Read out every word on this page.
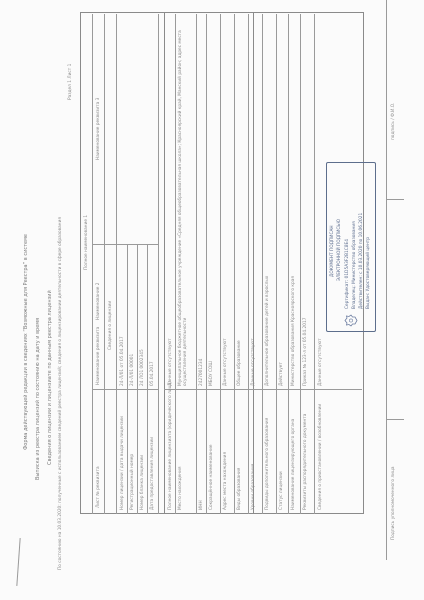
Форма действующей редакции в сведениях “Возможные для Реестра” в системе Выписка из реестра лицензий по состоянию на дату и время Сведения о лицензии и лицензиате по данным реестра лицензий По состоянию на 10.03.2020: полученные с использованием сведений реестра лицензий; сведения о лицензировании деятельности в сфере образования
Раздел 1 Лист 1
Полное наименование 1
Лист № реквизита
Наименование реквизита
Наименование 2
Наименование реквизита 3
Сведения о лицензии
Номер лицензии / дата выдачи лицензии
24-Л/01 от 05.04.2017
Регистрационный номер
24-Л/01 00001
Номер бланка лицензии
24 ЛО1 0002345
Дата предоставления лицензии
05.04.2017
Полное наименование лицензиата (юридического лица)
Данные отсутствуют
Место нахождения
Муниципальное бюджетное общеобразовательное учреждение «Средняя общеобразовательная школа»; Красноярский край, Манский район; адрес места осуществления деятельности
ИНН
2427001234
Сокращённое наименование
МБОУ СОШ
Адрес места нахождения
Данные отсутствуют
Виды образования
Общее образование
Уровни образования
Данные отсутствуют
Подвиды дополнительного образования
Дополнительное образование детей и взрослых
Статус лицензии
Действует
Наименование лицензирующего органа
Министерство образования Красноярского края
Реквизиты распорядительного документа
Приказ № 123-л от 05.04.2017
Сведения о приостановлении / возобновлении
Данные отсутствуют
ДОКУМЕНТ ПОДПИСАН ЭЛЕКТРОННОЙ ПОДПИСЬЮ Сертификат: 01D5A3F2B1C8E4 Владелец: Министерство образования Действителен: с 10.03.2020 по 10.06.2021 Выдан: Удостоверяющий центр
Подпись уполномоченного лица
подпись / Ф.И.О.
